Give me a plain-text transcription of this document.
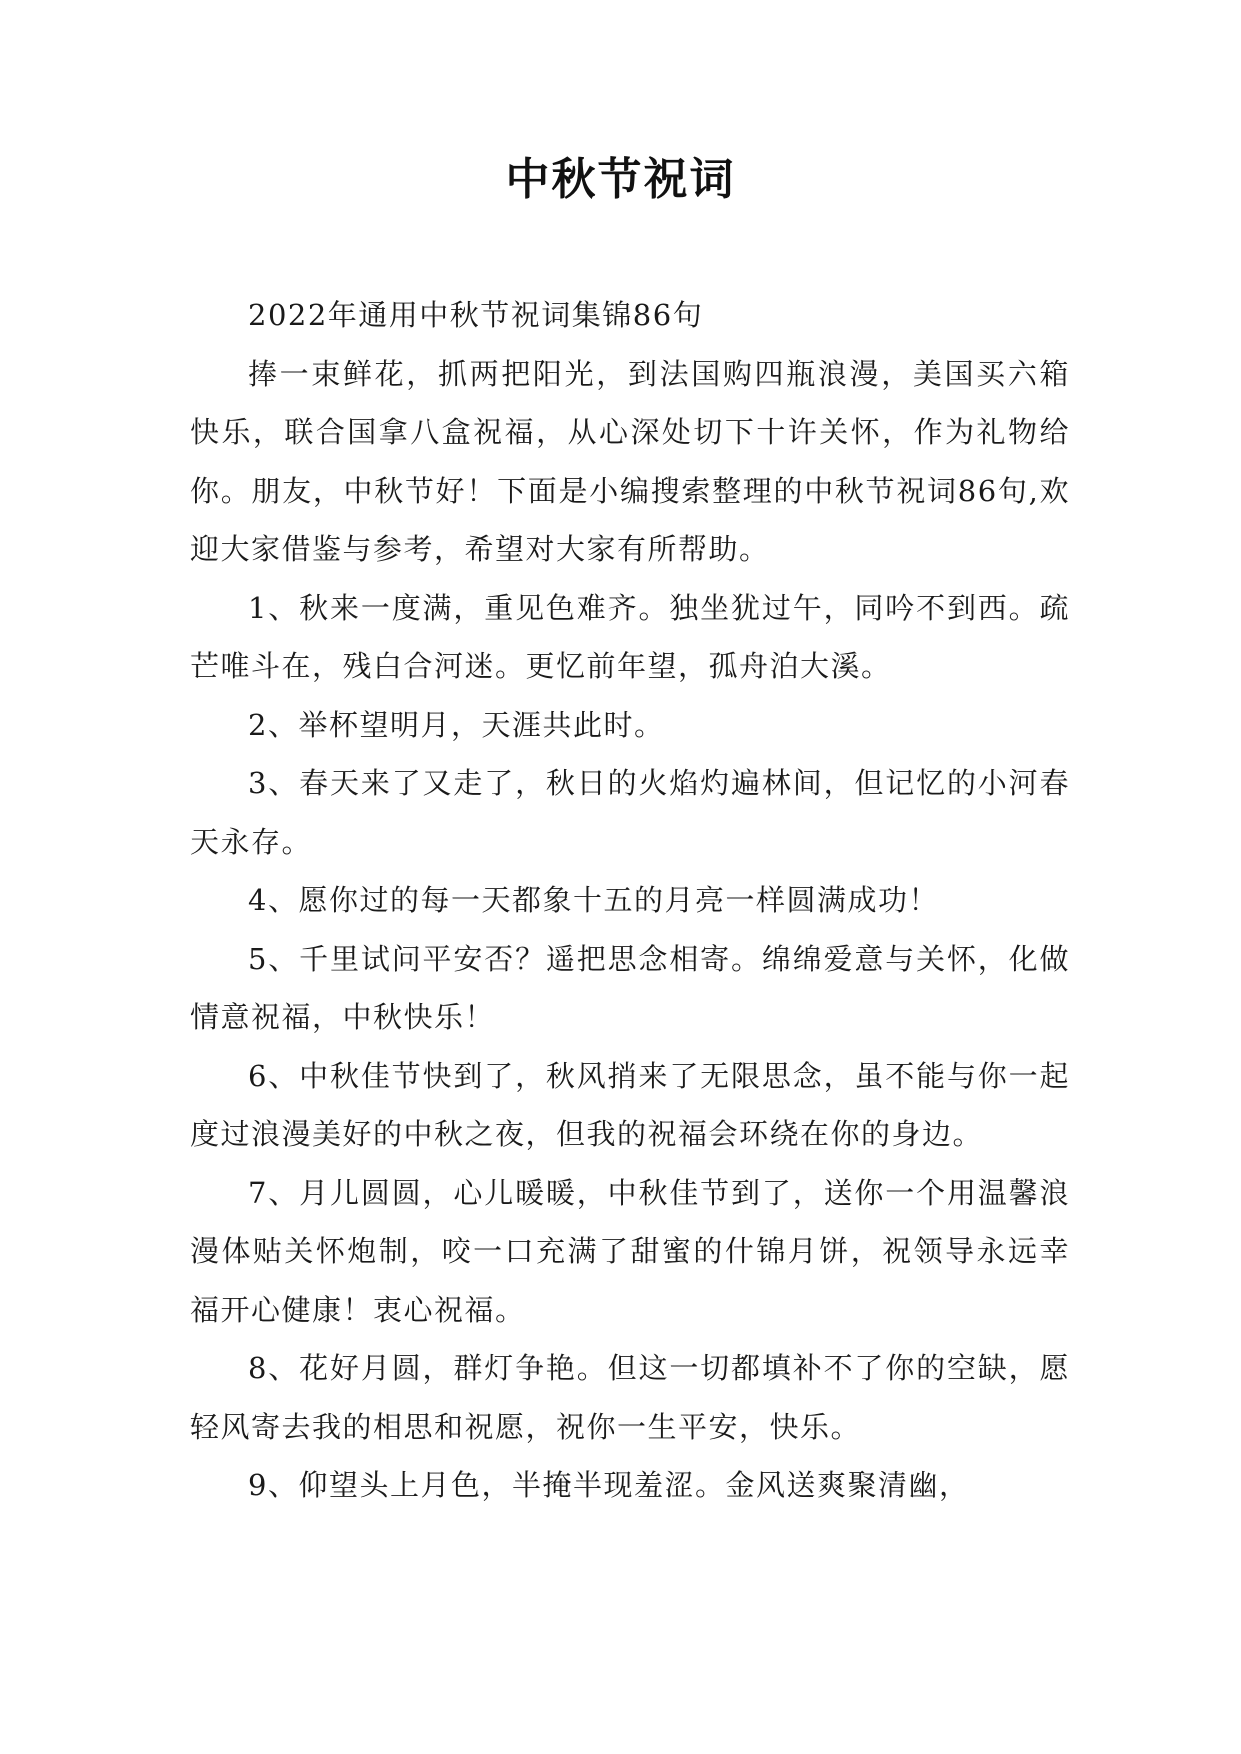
中秋节祝词

2022年通用中秋节祝词集锦86句

捧一束鲜花，抓两把阳光，到法国购四瓶浪漫，美国买六箱快乐，联合国拿八盒祝福，从心深处切下十许关怀，作为礼物给你。朋友，中秋节好！下面是小编搜索整理的中秋节祝词86句,欢迎大家借鉴与参考，希望对大家有所帮助。

1、秋来一度满，重见色难齐。独坐犹过午，同吟不到西。疏芒唯斗在，残白合河迷。更忆前年望，孤舟泊大溪。

2、举杯望明月，天涯共此时。

3、春天来了又走了，秋日的火焰灼遍林间，但记忆的小河春天永存。

4、愿你过的每一天都象十五的月亮一样圆满成功！

5、千里试问平安否？遥把思念相寄。绵绵爱意与关怀，化做情意祝福，中秋快乐！

6、中秋佳节快到了，秋风捎来了无限思念，虽不能与你一起度过浪漫美好的中秋之夜，但我的祝福会环绕在你的身边。

7、月儿圆圆，心儿暖暖，中秋佳节到了，送你一个用温馨浪漫体贴关怀炮制，咬一口充满了甜蜜的什锦月饼，祝领导永远幸福开心健康！衷心祝福。

8、花好月圆，群灯争艳。但这一切都填补不了你的空缺，愿轻风寄去我的相思和祝愿，祝你一生平安，快乐。

9、仰望头上月色，半掩半现羞涩。金风送爽聚清幽，
